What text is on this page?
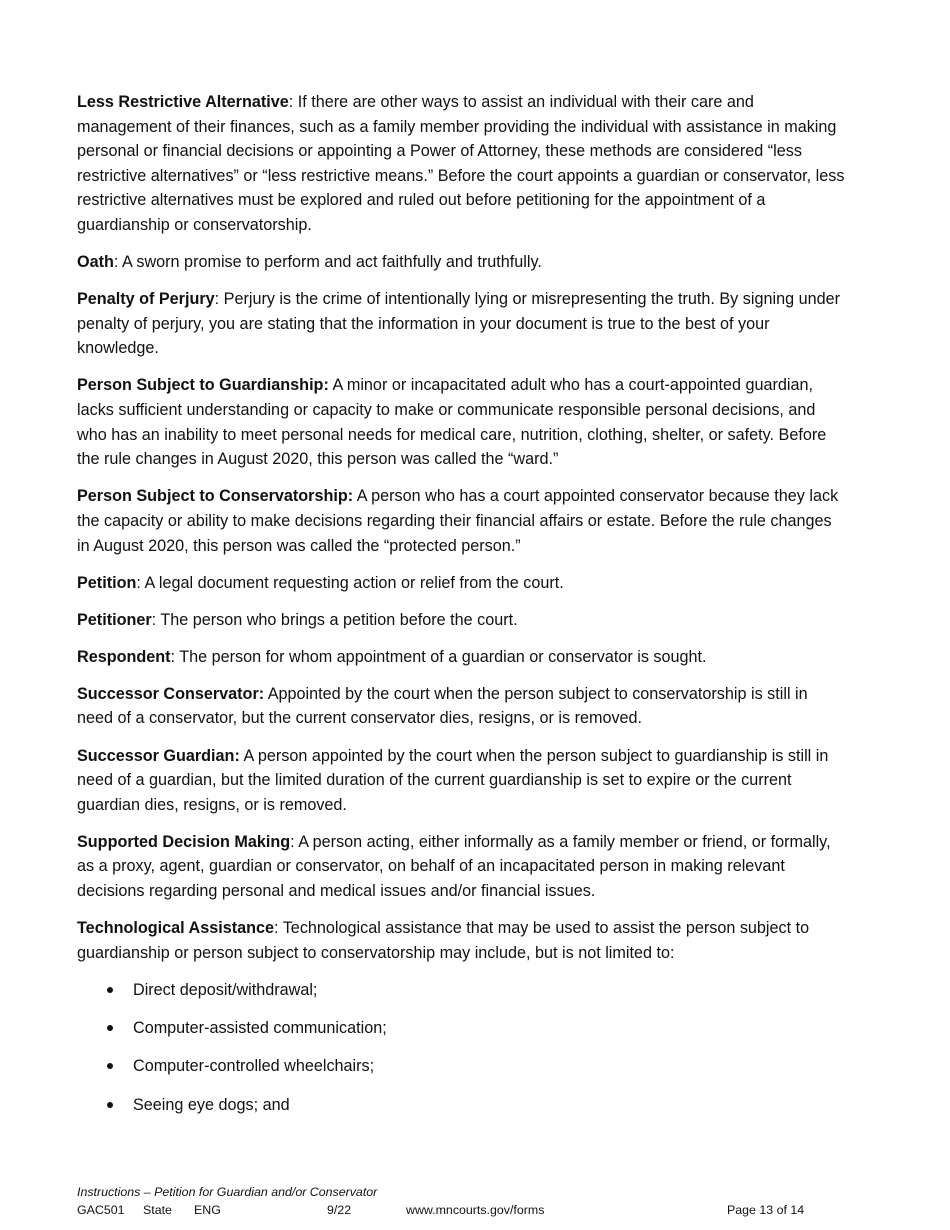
Less Restrictive Alternative: If there are other ways to assist an individual with their care and management of their finances, such as a family member providing the individual with assistance in making personal or financial decisions or appointing a Power of Attorney, these methods are considered “less restrictive alternatives” or “less restrictive means.” Before the court appoints a guardian or conservator, less restrictive alternatives must be explored and ruled out before petitioning for the appointment of a guardianship or conservatorship.

Oath: A sworn promise to perform and act faithfully and truthfully.

Penalty of Perjury: Perjury is the crime of intentionally lying or misrepresenting the truth. By signing under penalty of perjury, you are stating that the information in your document is true to the best of your knowledge.

Person Subject to Guardianship: A minor or incapacitated adult who has a court-appointed guardian, lacks sufficient understanding or capacity to make or communicate responsible personal decisions, and who has an inability to meet personal needs for medical care, nutrition, clothing, shelter, or safety. Before the rule changes in August 2020, this person was called the “ward.”

Person Subject to Conservatorship: A person who has a court appointed conservator because they lack the capacity or ability to make decisions regarding their financial affairs or estate. Before the rule changes in August 2020, this person was called the “protected person.”

Petition: A legal document requesting action or relief from the court.

Petitioner: The person who brings a petition before the court.

Respondent: The person for whom appointment of a guardian or conservator is sought.

Successor Conservator: Appointed by the court when the person subject to conservatorship is still in need of a conservator, but the current conservator dies, resigns, or is removed.

Successor Guardian: A person appointed by the court when the person subject to guardianship is still in need of a guardian, but the limited duration of the current guardianship is set to expire or the current guardian dies, resigns, or is removed.

Supported Decision Making: A person acting, either informally as a family member or friend, or formally, as a proxy, agent, guardian or conservator, on behalf of an incapacitated person in making relevant decisions regarding personal and medical issues and/or financial issues.

Technological Assistance: Technological assistance that may be used to assist the person subject to guardianship or person subject to conservatorship may include, but is not limited to:

Direct deposit/withdrawal;
Computer-assisted communication;
Computer-controlled wheelchairs;
Seeing eye dogs; and
Instructions – Petition for Guardian and/or Conservator
GAC501 State ENG	9/22	www.mncourts.gov/forms	Page 13 of 14
